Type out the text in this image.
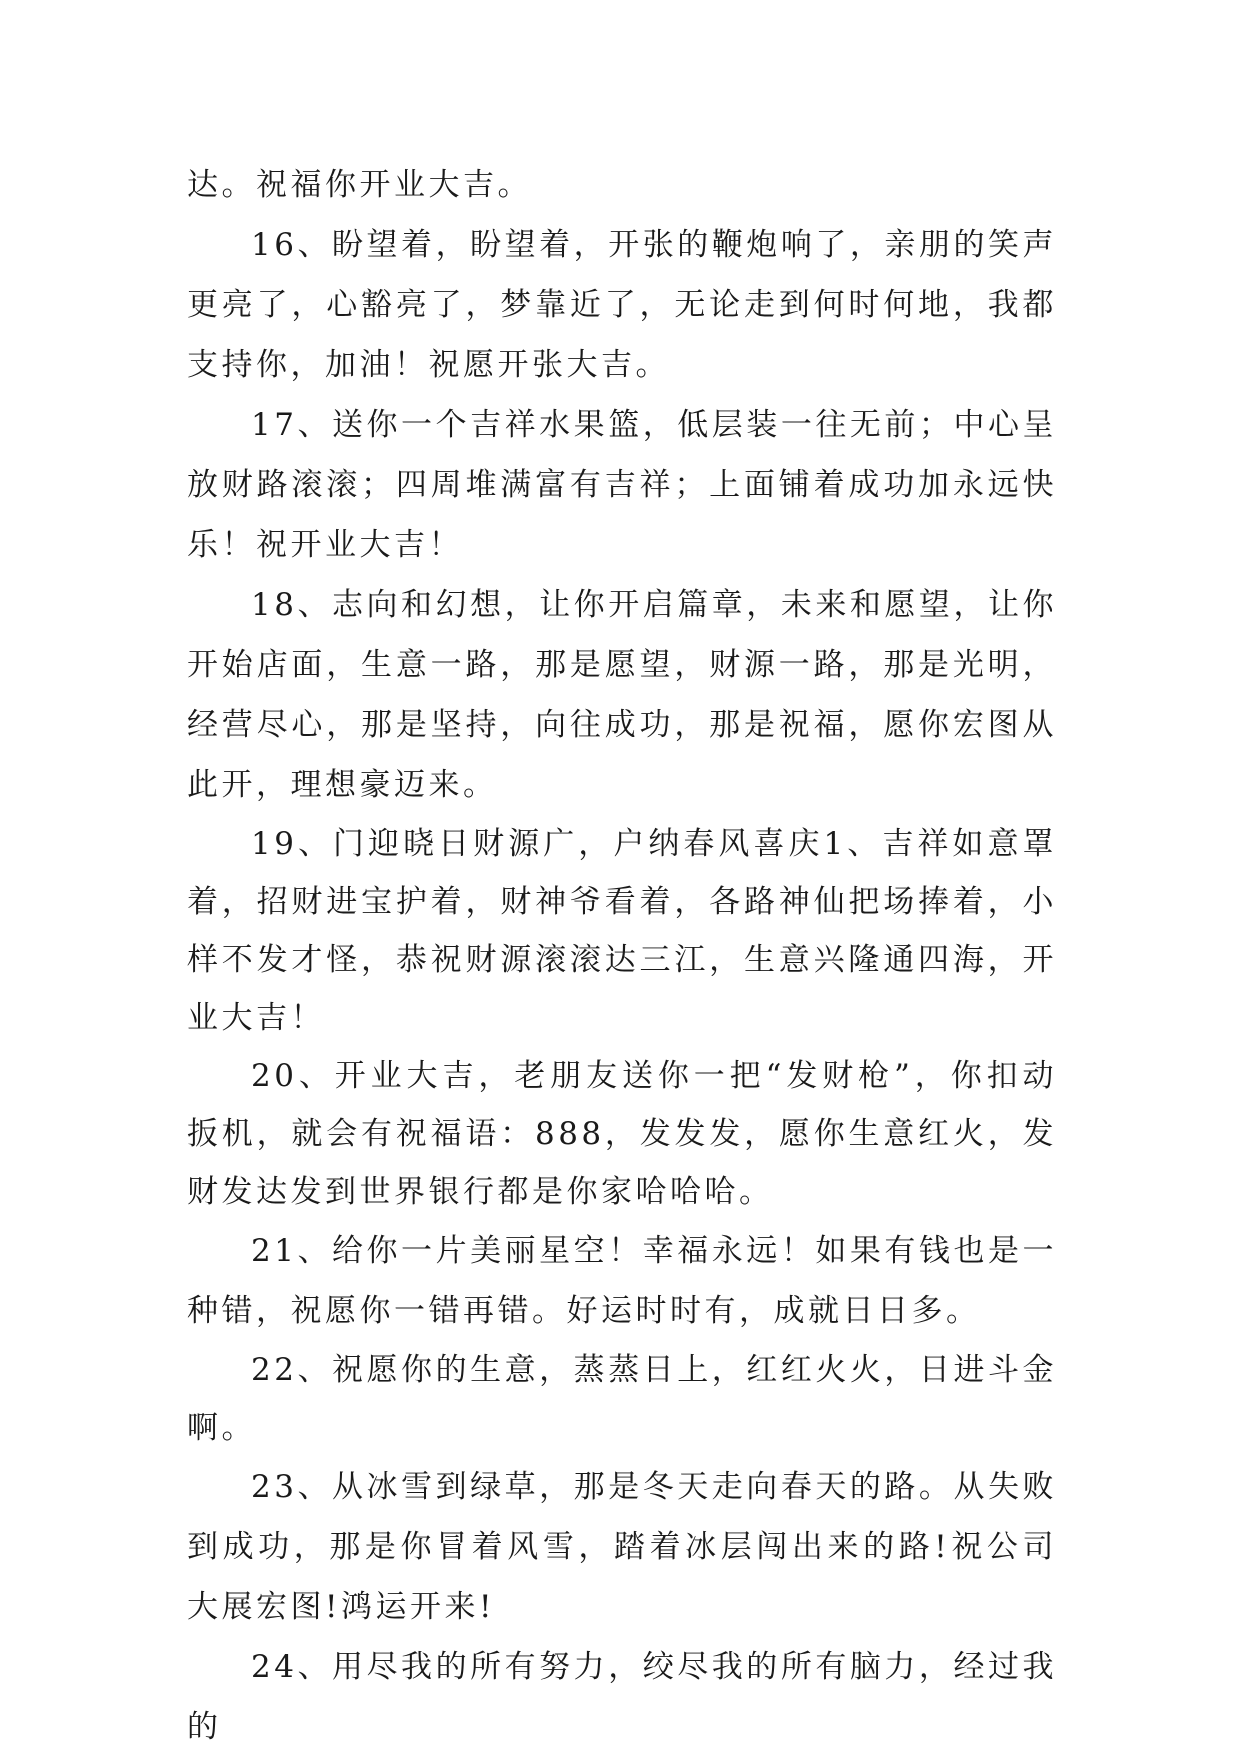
达。祝福你开业大吉。

16、盼望着，盼望着，开张的鞭炮响了，亲朋的笑声更亮了，心豁亮了，梦靠近了，无论走到何时何地，我都支持你，加油！祝愿开张大吉。

17、送你一个吉祥水果篮，低层装一往无前；中心呈放财路滚滚；四周堆满富有吉祥；上面铺着成功加永远快乐！祝开业大吉！

18、志向和幻想，让你开启篇章，未来和愿望，让你开始店面，生意一路，那是愿望，财源一路，那是光明，经营尽心，那是坚持，向往成功，那是祝福，愿你宏图从此开，理想豪迈来。

19、门迎晓日财源广，户纳春风喜庆1、吉祥如意罩着，招财进宝护着，财神爷看着，各路神仙把场捧着，小样不发才怪，恭祝财源滚滚达三江，生意兴隆通四海，开业大吉！

20、开业大吉，老朋友送你一把“发财枪”，你扣动扳机，就会有祝福语：888，发发发，愿你生意红火，发财发达发到世界银行都是你家哈哈哈。

21、给你一片美丽星空！幸福永远！如果有钱也是一种错，祝愿你一错再错。好运时时有，成就日日多。

22、祝愿你的生意，蒸蒸日上，红红火火，日进斗金啊。

23、从冰雪到绿草，那是冬天走向春天的路。从失败到成功，那是你冒着风雪，踏着冰层闯出来的路!祝公司大展宏图!鸿运开来!

24、用尽我的所有努力，绞尽我的所有脑力，经过我的
